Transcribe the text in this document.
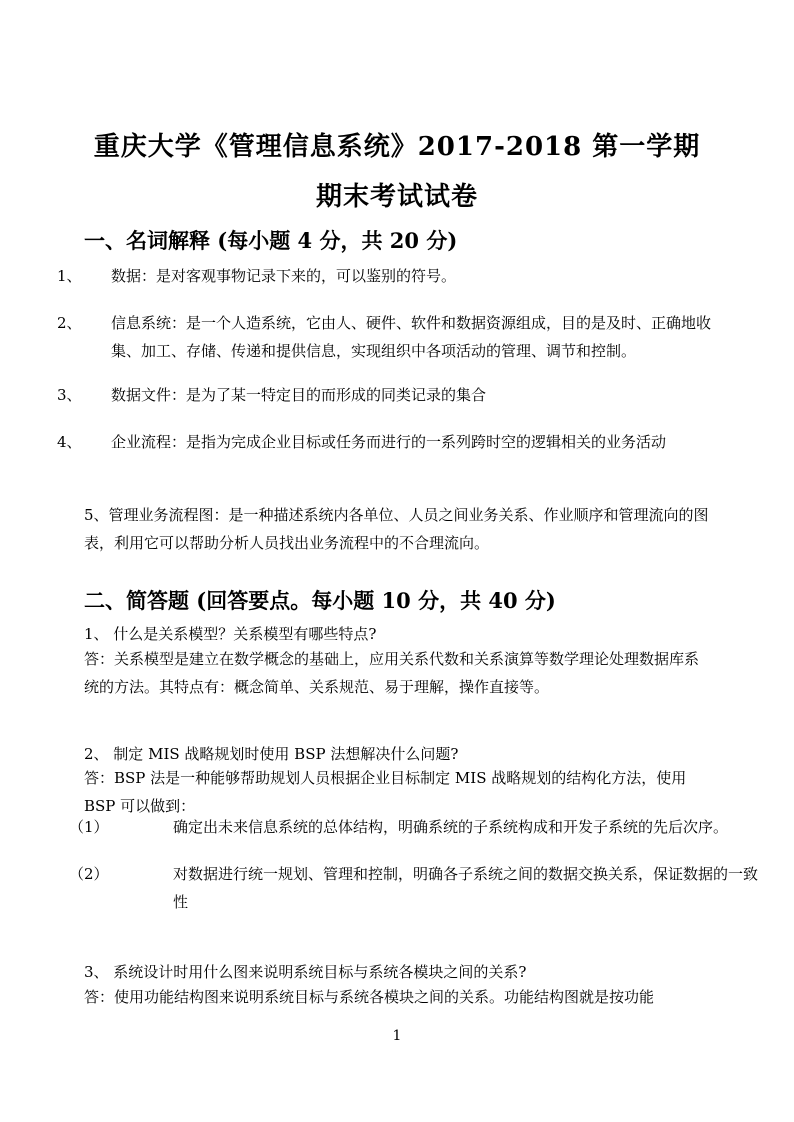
重庆大学《管理信息系统》2017-2018 第一学期
期末考试试卷
一、名词解释 (每小题 4 分，共 20 分)

1、 数据：是对客观事物记录下来的，可以鉴别的符号。

2、 信息系统：是一个人造系统，它由人、硬件、软件和数据资源组成，目的是及时、正确地收集、加工、存储、传递和提供信息，实现组织中各项活动的管理、调节和控制。

3、 数据文件：是为了某一特定目的而形成的同类记录的集合

4、 企业流程：是指为完成企业目标或任务而进行的一系列跨时空的逻辑相关的业务活动

5、管理业务流程图：是一种描述系统内各单位、人员之间业务关系、作业顺序和管理流向的图表，利用它可以帮助分析人员找出业务流程中的不合理流向。

二、简答题 (回答要点。每小题 10 分，共 40 分)

1、 什么是关系模型？关系模型有哪些特点?

答：关系模型是建立在数学概念的基础上，应用关系代数和关系演算等数学理论处理数据库系统的方法。其特点有：概念简单、关系规范、易于理解，操作直接等。

2、 制定 MIS 战略规划时使用 BSP 法想解决什么问题?

答：BSP 法是一种能够帮助规划人员根据企业目标制定 MIS 战略规划的结构化方法，使用 BSP 可以做到：

（1）	确定出未来信息系统的总体结构，明确系统的子系统构成和开发子系统的先后次序。

（2）	对数据进行统一规划、管理和控制，明确各子系统之间的数据交换关系，保证数据的一致性

3、 系统设计时用什么图来说明系统目标与系统各模块之间的关系?

答：使用功能结构图来说明系统目标与系统各模块之间的关系。功能结构图就是按功能

1
